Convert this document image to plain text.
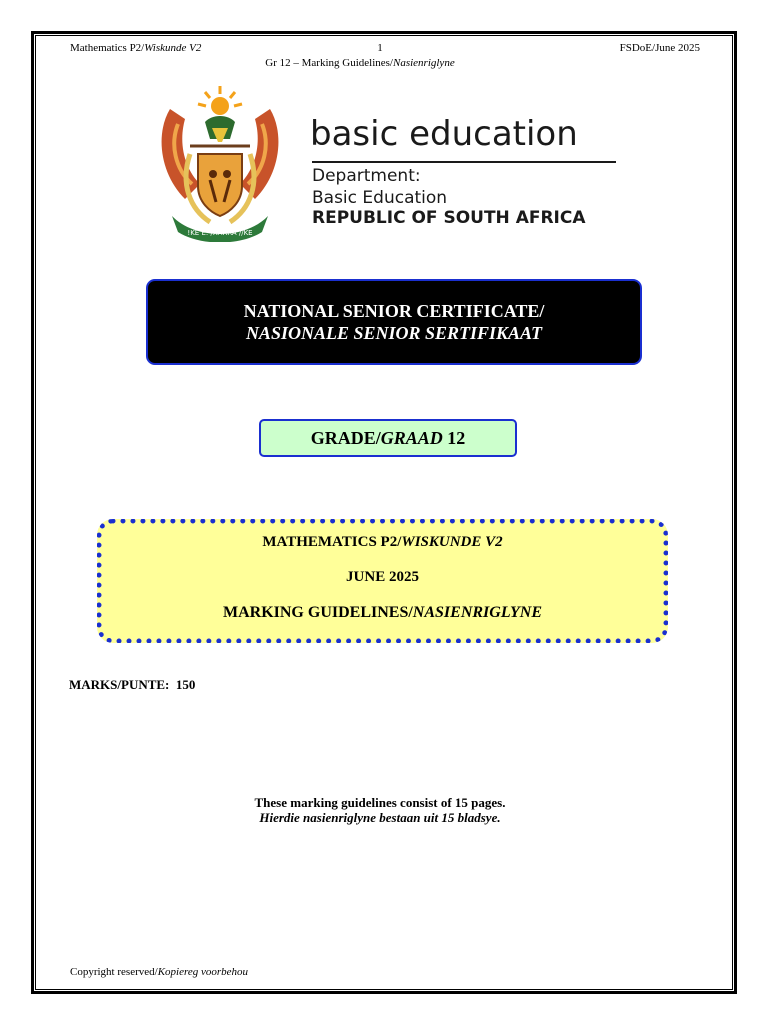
Mathematics P2/Wiskunde V2	1	FSDoE/June 2025
Gr 12 – Marking Guidelines/Nasienriglyne
!KE E: /XARRA //KE
basic education
Department:
Basic Education
REPUBLIC OF SOUTH AFRICA
NATIONAL SENIOR CERTIFICATE/
NASIONALE SENIOR SERTIFIKAAT
GRADE/GRAAD 12
MATHEMATICS P2/WISKUNDE V2
JUNE 2025
MARKING GUIDELINES/NASIENRIGLYNE
MARKS/PUNTE: 150
These marking guidelines consist of 15 pages.
Hierdie nasienriglyne bestaan uit 15 bladsye.
Copyright reserved/Kopiereg voorbehou
